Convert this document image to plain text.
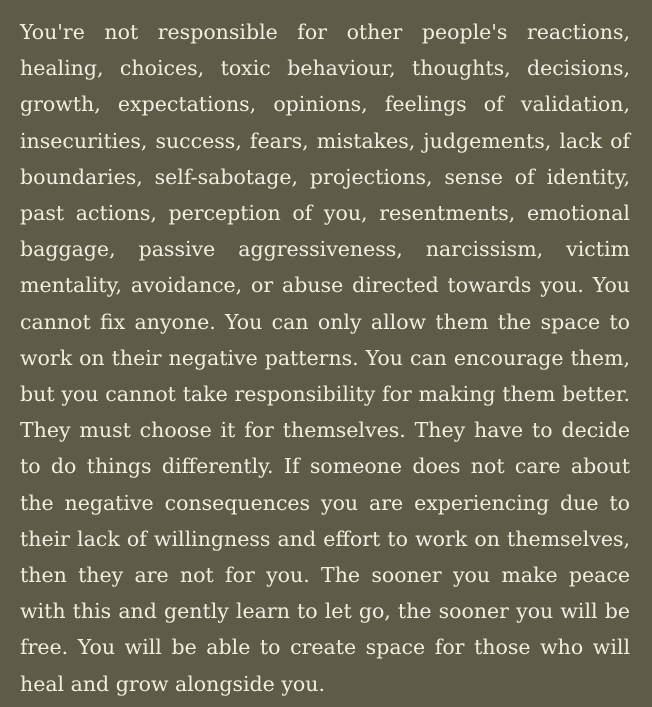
You're not responsible for other people's reactions, healing, choices, toxic behaviour, thoughts, decisions, growth, expectations, opinions, feelings of validation, insecurities, success, fears, mistakes, judgements, lack of boundaries, self-sabotage, projections, sense of identity, past actions, perception of you, resentments, emotional baggage, passive aggressiveness, narcissism, victim mentality, avoidance, or abuse directed towards you. You cannot fix anyone. You can only allow them the space to work on their negative patterns. You can encourage them, but you cannot take responsibility for making them better. They must choose it for themselves. They have to decide to do things differently. If someone does not care about the negative consequences you are experiencing due to their lack of willingness and effort to work on themselves, then they are not for you. The sooner you make peace with this and gently learn to let go, the sooner you will be free. You will be able to create space for those who will heal and grow alongside you.
